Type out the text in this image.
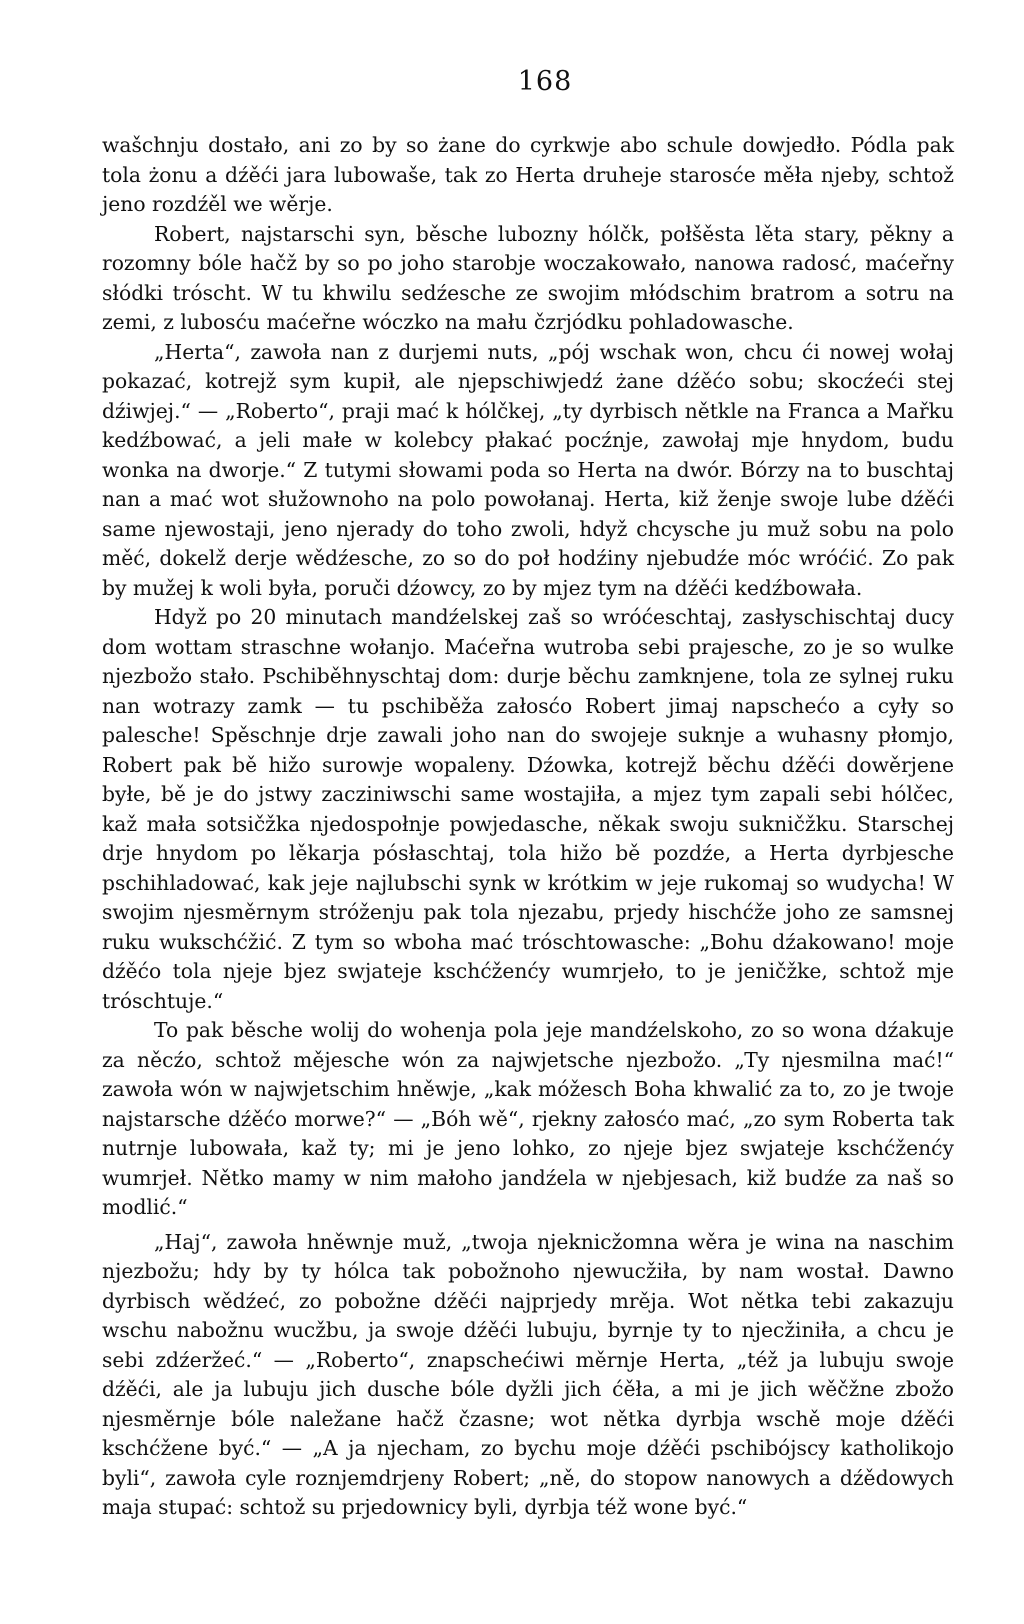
168

wašchnju dostało, ani zo by so żane do cyrkwje abo schule dowjedło. Pódla pak tola żonu a dźěći jara lubowaše, tak zo Herta druheje starosće měła njeby, schtož jeno rozdźěl we wěrje.

Robert, najstarschi syn, běsche lubozny hólčk, połšěsta lěta stary, pěkny a rozomny bóle hačž by so po joho starobje woczakowało, nanowa radosć, maćeřny słódki tróscht. W tu khwilu sedźesche ze swojim młódschim bratrom a sotru na zemi, z lubosću maćeřne wóczko na mału čzrjódku pohladowasche.

„Herta“, zawoła nan z durjemi nuts, „pój wschak won, chcu ći nowej wołaj pokazać, kotrejž sym kupił, ale njepschiwjedź żane dźěćo sobu; skocźeći stej dźiwjej.“ — „Roberto“, praji mać k hólčkej, „ty dyrbisch nětkle na Franca a Mařku kedźbować, a jeli małe w kolebcy płakać pocźnje, zawołaj mje hnydom, budu wonka na dworje.“ Z tutymi słowami poda so Herta na dwór. Bórzy na to buschtaj nan a mać wot słužownoho na polo powołanaj. Herta, kiž ženje swoje lube dźěći same njewostaji, jeno njerady do toho zwoli, hdyž chcysche ju muž sobu na polo měć, dokelž derje wědźesche, zo so do poł hodźiny njebudźe móc wróćić. Zo pak by mužej k woli była, poruči dźowcy, zo by mjez tym na dźěći kedźbowała.

Hdyž po 20 minutach mandźelskej zaš so wróćeschtaj, zasłyschischtaj ducy dom wottam strasch​ne wołanjo. Maćeřna wutroba sebi prajesche, zo je so wulke njezbožo stało. Pschiběhnyschtaj dom: durje běchu zamknjene, tola ze sylnej ruku nan wotrazy zamk — tu pschiběža załosćo Robert jimaj napschećo a cyły so palesche! Spěschnje drje zawali joho nan do swojeje suknje a wuhasny płomjo, Robert pak bě hižo surowje wopaleny. Dźowka, kotrejž běchu dźěći dowěrjene byłe, bě je do jstwy zacziniwschi same wostajiła, a mjez tym zapali sebi hólčec, kaž mała sotsičžka njedospołnje powjedasche, někak swoju sukničžku. Starschej drje hnydom po lěkarja pósłaschtaj, tola hižo bě pozdźe, a Herta dyrbjesche pschihladować, kak jeje najlubschi synk w krótkim w jeje rukomaj so wudycha! W swojim njesměrnym stróženju pak tola njezabu, prjedy hischćže joho ze sam​snej ruku wukschćžić. Z tym so wboha mać tróschtowasche: „Bohu dźakowano! moje dźěćo tola njeje bjez swjateje kschćženćy wumrjeło, to je jeničžke, schtož mje tróschtuje.“

To pak běsche wolij do wohenja pola jeje mandźelskoho, zo so wona dźakuje za něcźo, schtož měјesche wón za najwjetsche njezbožo. „Ty njesmilna mać!“ zawoła wón w najwjetschim hněwje, „kak móžesch Boha khwalić za to, zo je twoje najstarsche dźěćo morwe?“ — „Bóh wě“, rjekny załosćo mać, „zo sym Roberta tak nutrnje lubowała, kaž ty; mi je jeno lohko, zo njeje bjez swjateje kschćženćy wumrjeł. Nětko mamy w nim małoho jandźela w njebjesach, kiž budźe za naš so modlić.“

„Haj“, zawoła hněwnje muž, „twoja njeknicžomna wěra je wina na naschim njezbožu; hdy by ty hólca tak pobožnoho njewucžiła, by nam wostał. Dawno dyrbisch wědźeć, zo pobožne dźěći najprjedy mrěja. Wot nětka tebi zakazuju wschu nabožnu wucžbu, ja swoje dźěći lubuju, byrnje ty to njecžiniła, a chcu je sebi zdźeržeć.“ — „Roberto“, znapschećiwi měrnje Herta, „též ja lubuju swoje dźěći, ale ja lubuju jich dusche bóle dyžli jich ćěła, a mi je jich wěčžne zbožo njesměrnje bóle naležane hačž čzasne; wot nětka dyrbja wschě moje dźěći kschćžene być.“ — „A ja njecham, zo bychu moje dźěći pschibójscy katholikojo byli“, zawoła cyle roznjemdrjeny Robert; „ně, do stopow nanowych a dźědowych maja stupać: schtož su prjedownicy byli, dyrbja též wone być.“
